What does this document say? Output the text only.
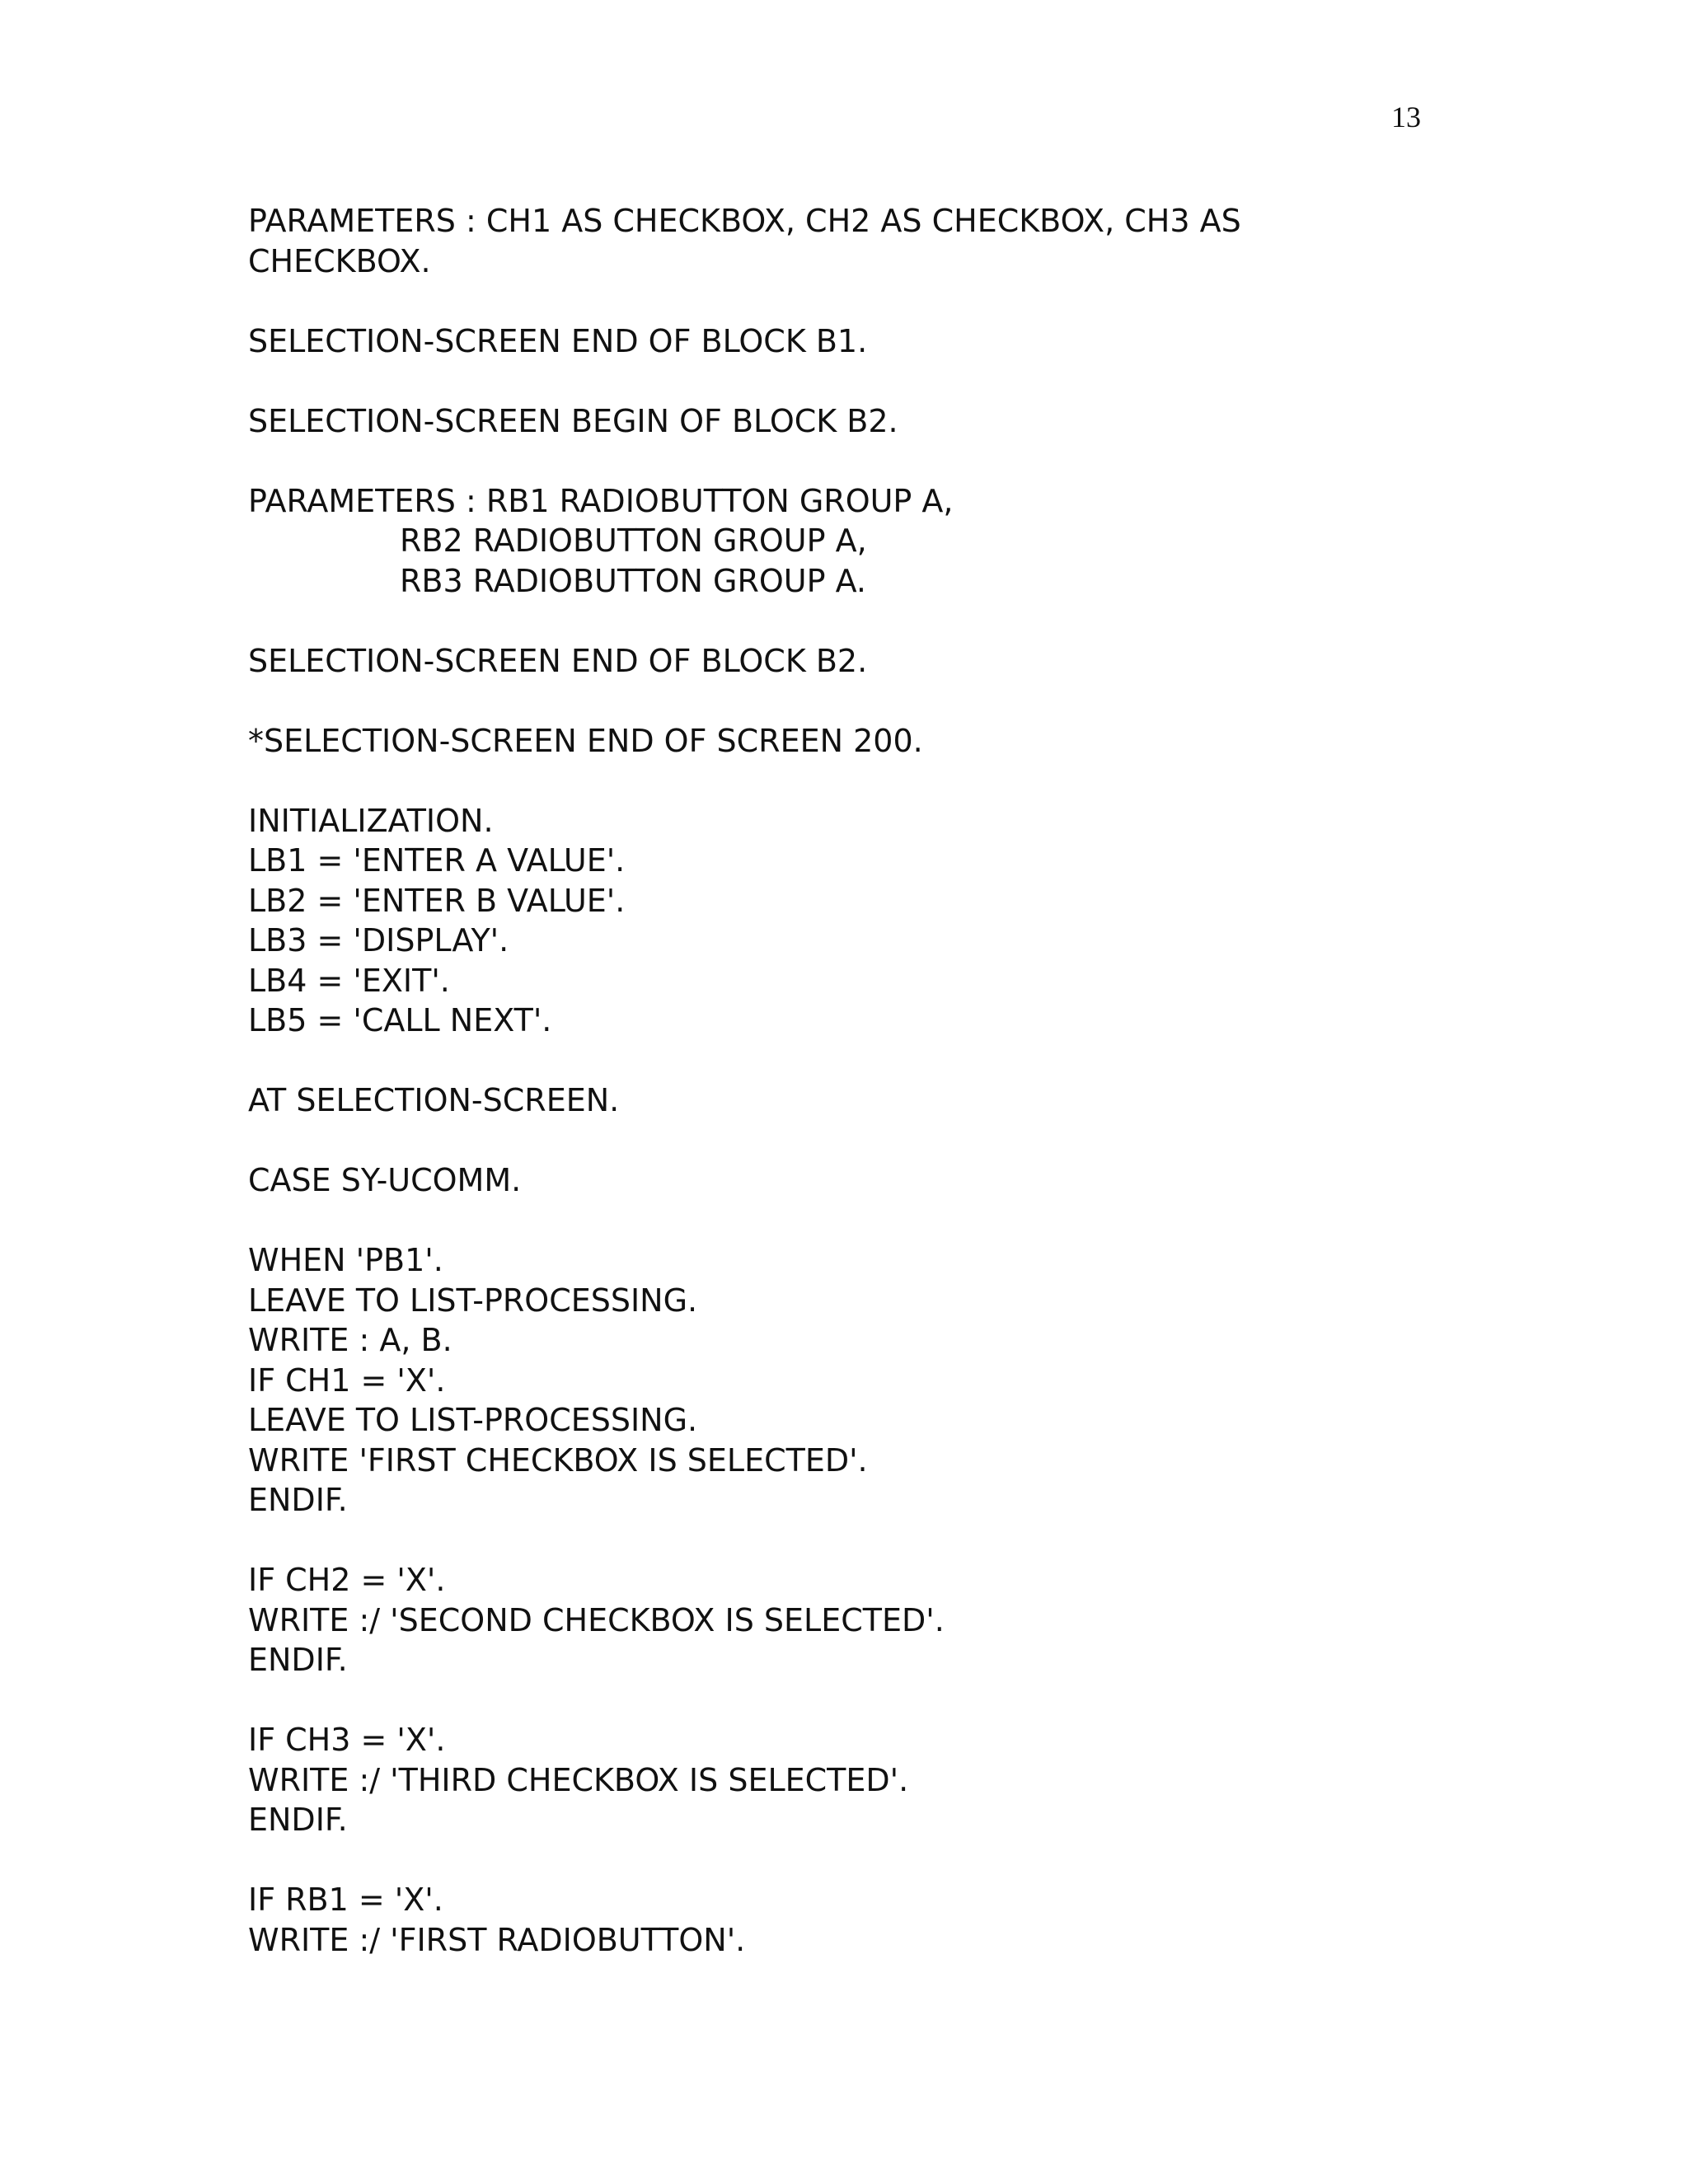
13
PARAMETERS : CH1 AS CHECKBOX, CH2 AS CHECKBOX, CH3 AS
CHECKBOX.
SELECTION-SCREEN END OF BLOCK B1.
SELECTION-SCREEN BEGIN OF BLOCK B2.
PARAMETERS : RB1 RADIOBUTTON GROUP A,
RB2 RADIOBUTTON GROUP A,
RB3 RADIOBUTTON GROUP A.
SELECTION-SCREEN END OF BLOCK B2.
*SELECTION-SCREEN END OF SCREEN 200.
INITIALIZATION.
LB1 = 'ENTER A VALUE'.
LB2 = 'ENTER B VALUE'.
LB3 = 'DISPLAY'.
LB4 = 'EXIT'.
LB5 = 'CALL NEXT'.
AT SELECTION-SCREEN.
CASE SY-UCOMM.
WHEN 'PB1'.
LEAVE TO LIST-PROCESSING.
WRITE : A, B.
IF CH1 = 'X'.
LEAVE TO LIST-PROCESSING.
WRITE 'FIRST CHECKBOX IS SELECTED'.
ENDIF.
IF CH2 = 'X'.
WRITE :/ 'SECOND CHECKBOX IS SELECTED'.
ENDIF.
IF CH3 = 'X'.
WRITE :/ 'THIRD CHECKBOX IS SELECTED'.
ENDIF.
IF RB1 = 'X'.
WRITE :/ 'FIRST RADIOBUTTON'.
